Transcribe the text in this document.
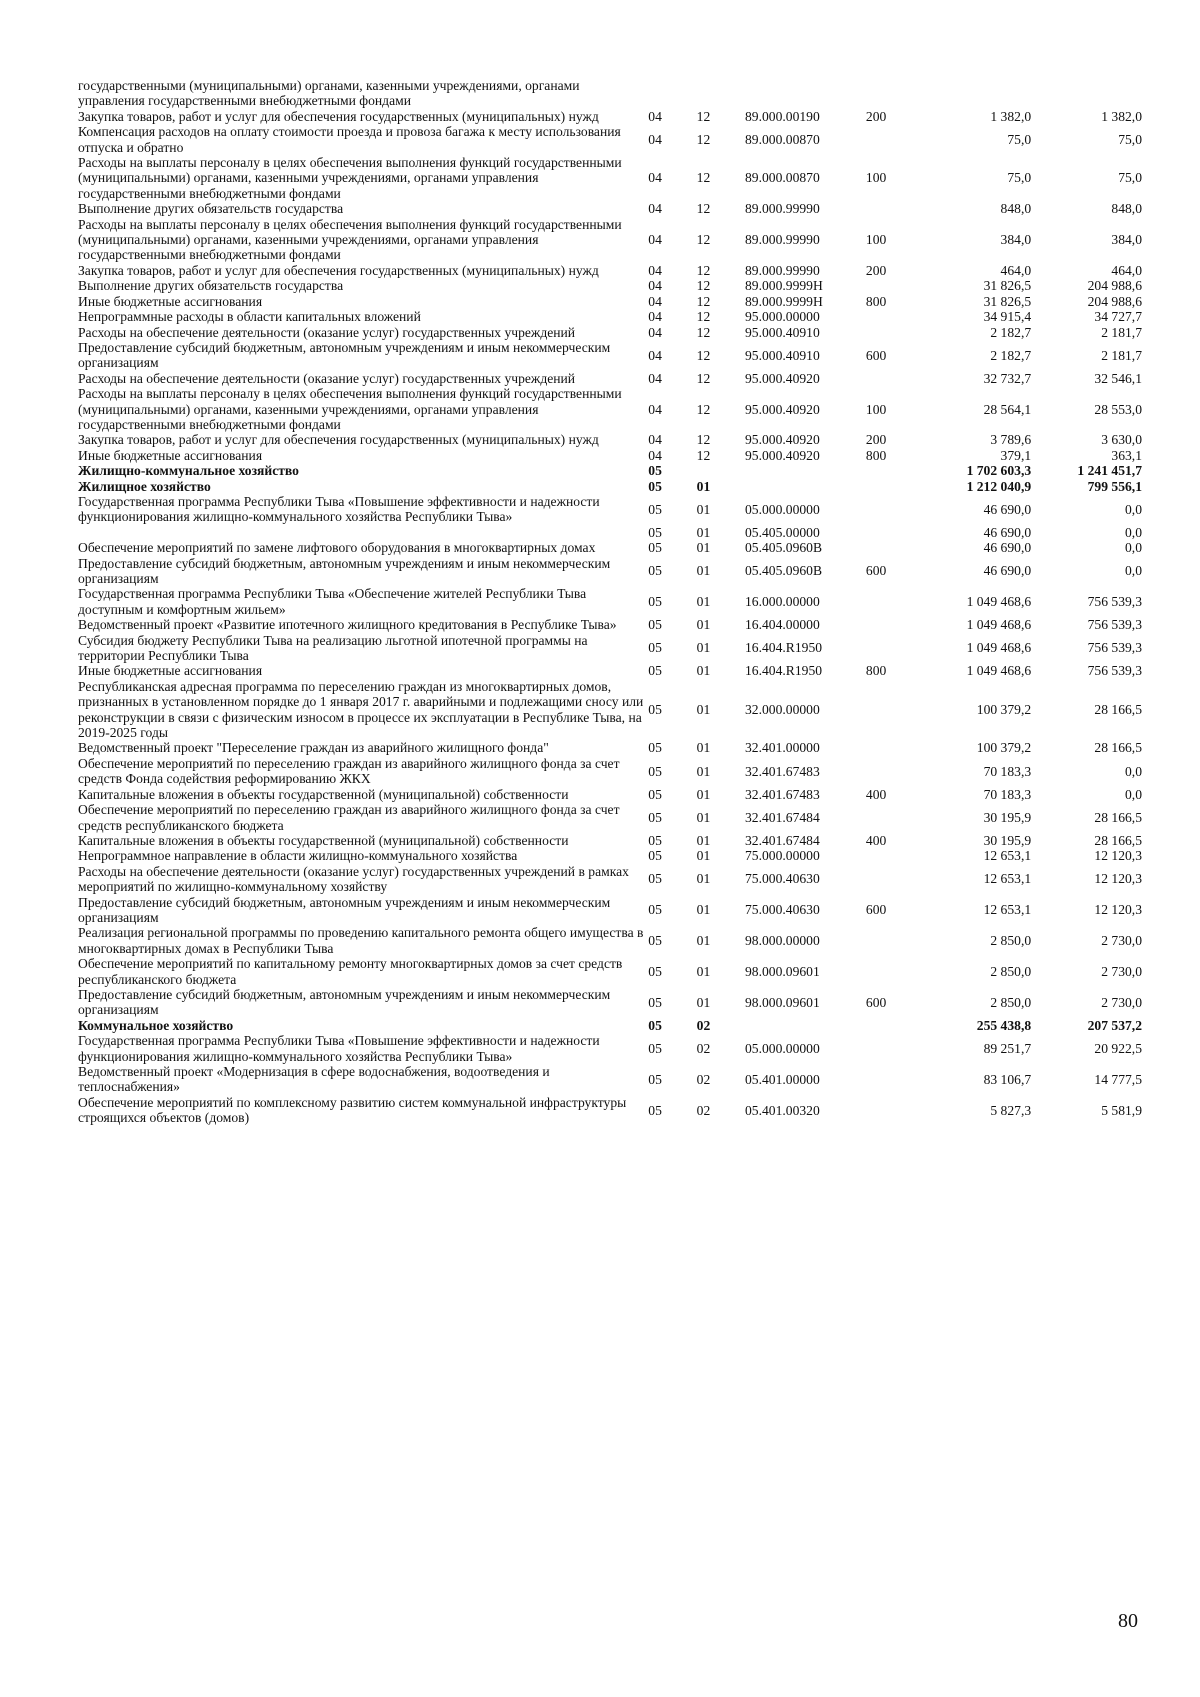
государственными (муниципальными) органами, казенными учреждениями, органами управления государственными внебюджетными фондами						
Закупка товаров, работ и услуг для обеспечения государственных (муниципальных) нужд	04	12	89.000.00190	200	1 382,0	1 382,0
Компенсация расходов на оплату стоимости проезда и провоза багажа к месту использования отпуска и обратно	04	12	89.000.00870		75,0	75,0
Расходы на выплаты персоналу в целях обеспечения выполнения функций государственными (муниципальными) органами, казенными учреждениями, органами управления государственными внебюджетными фондами	04	12	89.000.00870	100	75,0	75,0
Выполнение других обязательств государства	04	12	89.000.99990		848,0	848,0
Расходы на выплаты персоналу в целях обеспечения выполнения функций государственными (муниципальными) органами, казенными учреждениями, органами управления государственными внебюджетными фондами	04	12	89.000.99990	100	384,0	384,0
Закупка товаров, работ и услуг для обеспечения государственных (муниципальных) нужд	04	12	89.000.99990	200	464,0	464,0
Выполнение других обязательств государства	04	12	89.000.9999Н		31 826,5	204 988,6
Иные бюджетные ассигнования	04	12	89.000.9999Н	800	31 826,5	204 988,6
Непрограммные расходы в области капитальных вложений	04	12	95.000.00000		34 915,4	34 727,7
Расходы на обеспечение деятельности (оказание услуг) государственных учреждений	04	12	95.000.40910		2 182,7	2 181,7
Предоставление субсидий бюджетным, автономным учреждениям и иным некоммерческим организациям	04	12	95.000.40910	600	2 182,7	2 181,7
Расходы на обеспечение деятельности (оказание услуг) государственных учреждений	04	12	95.000.40920		32 732,7	32 546,1
Расходы на выплаты персоналу в целях обеспечения выполнения функций государственными (муниципальными) органами, казенными учреждениями, органами управления государственными внебюджетными фондами	04	12	95.000.40920	100	28 564,1	28 553,0
Закупка товаров, работ и услуг для обеспечения государственных (муниципальных) нужд	04	12	95.000.40920	200	3 789,6	3 630,0
Иные бюджетные ассигнования	04	12	95.000.40920	800	379,1	363,1
Жилищно-коммунальное хозяйство	05				1 702 603,3	1 241 451,7
Жилищное хозяйство	05	01			1 212 040,9	799 556,1
Государственная программа Республики Тыва «Повышение эффективности и надежности функционирования жилищно-коммунального хозяйства Республики Тыва»	05	01	05.000.00000		46 690,0	0,0
	05	01	05.405.00000		46 690,0	0,0
Обеспечение мероприятий по замене лифтового оборудования в многоквартирных домах	05	01	05.405.0960В		46 690,0	0,0
Предоставление субсидий бюджетным, автономным учреждениям и иным некоммерческим организациям	05	01	05.405.0960В	600	46 690,0	0,0
Государственная программа Республики Тыва «Обеспечение жителей Республики Тыва доступным и комфортным жильем»	05	01	16.000.00000		1 049 468,6	756 539,3
Ведомственный проект «Развитие ипотечного жилищного кредитования в Республике Тыва»	05	01	16.404.00000		1 049 468,6	756 539,3
Субсидия бюджету Республики Тыва на реализацию льготной ипотечной программы на территории Республики Тыва	05	01	16.404.R1950		1 049 468,6	756 539,3
Иные бюджетные ассигнования	05	01	16.404.R1950	800	1 049 468,6	756 539,3
Республиканская адресная программа по переселению граждан из многоквартирных домов, признанных в установленном порядке до 1 января 2017 г. аварийными и подлежащими сносу или реконструкции в связи с физическим износом в процессе их эксплуатации в Республике Тыва, на 2019-2025 годы	05	01	32.000.00000		100 379,2	28 166,5
Ведомственный проект "Переселение граждан из аварийного жилищного фонда"	05	01	32.401.00000		100 379,2	28 166,5
Обеспечение мероприятий по переселению граждан из аварийного жилищного фонда за счет средств Фонда содействия реформированию ЖКХ	05	01	32.401.67483		70 183,3	0,0
Капитальные вложения в объекты государственной (муниципальной) собственности	05	01	32.401.67483	400	70 183,3	0,0
Обеспечение мероприятий по переселению граждан из аварийного жилищного фонда за счет средств республиканского бюджета	05	01	32.401.67484		30 195,9	28 166,5
Капитальные вложения в объекты государственной (муниципальной) собственности	05	01	32.401.67484	400	30 195,9	28 166,5
Непрограммное направление в области жилищно-коммунального хозяйства	05	01	75.000.00000		12 653,1	12 120,3
Расходы на обеспечение деятельности (оказание услуг) государственных учреждений в рамках мероприятий по жилищно-коммунальному хозяйству	05	01	75.000.40630		12 653,1	12 120,3
Предоставление субсидий бюджетным, автономным учреждениям и иным некоммерческим организациям	05	01	75.000.40630	600	12 653,1	12 120,3
Реализация региональной программы по проведению капитального ремонта общего имущества в многоквартирных домах в Республики Тыва	05	01	98.000.00000		2 850,0	2 730,0
Обеспечение мероприятий по капитальному ремонту многоквартирных домов за счет средств республиканского бюджета	05	01	98.000.09601		2 850,0	2 730,0
Предоставление субсидий бюджетным, автономным учреждениям и иным некоммерческим организациям	05	01	98.000.09601	600	2 850,0	2 730,0
Коммунальное хозяйство	05	02			255 438,8	207 537,2
Государственная программа Республики Тыва «Повышение эффективности и надежности функционирования жилищно-коммунального хозяйства Республики Тыва»	05	02	05.000.00000		89 251,7	20 922,5
Ведомственный проект «Модернизация в сфере водоснабжения, водоотведения и теплоснабжения»	05	02	05.401.00000		83 106,7	14 777,5
Обеспечение мероприятий по комплексному развитию систем коммунальной инфраструктуры строящихся объектов (домов)	05	02	05.401.00320		5 827,3	5 581,9
80
